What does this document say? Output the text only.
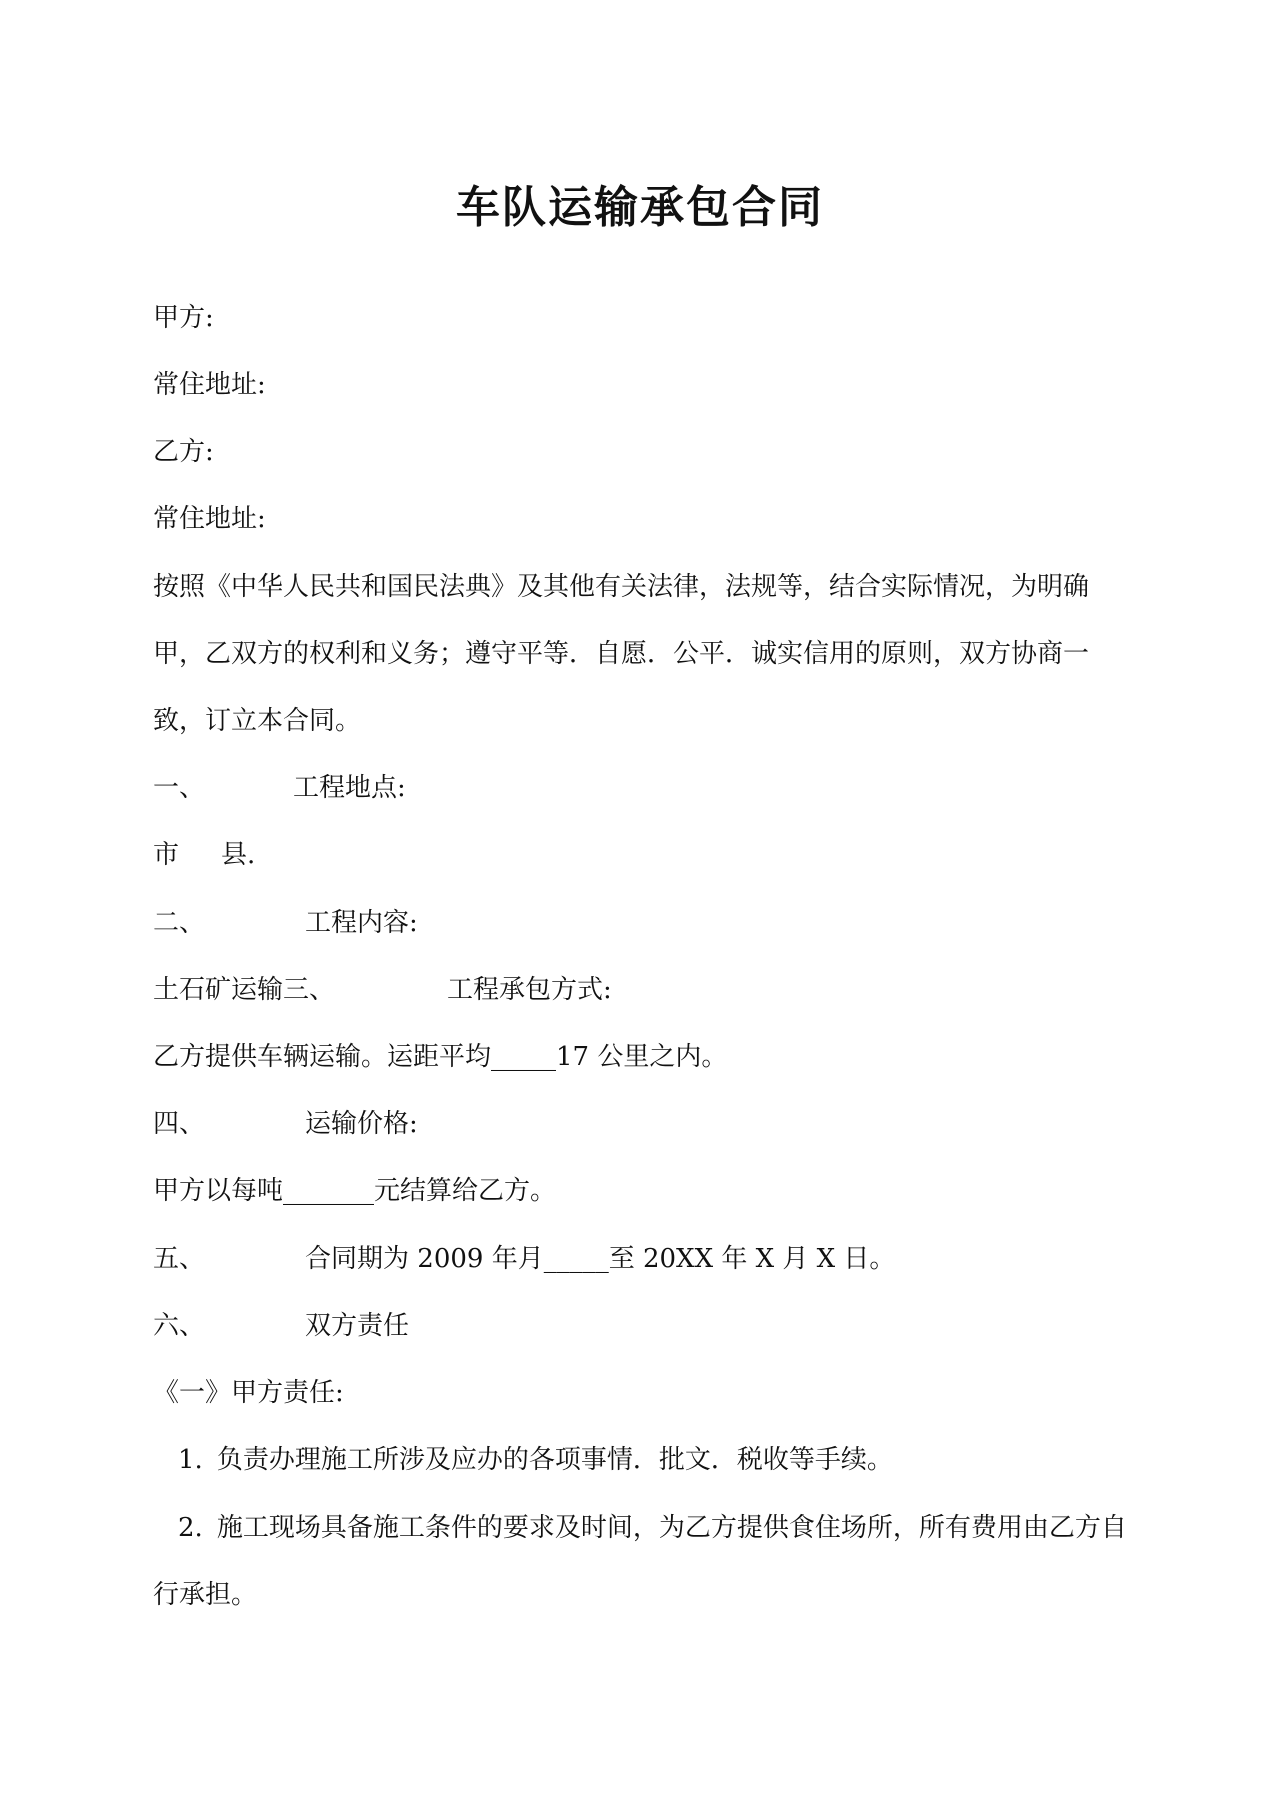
车队运输承包合同
甲方:
常住地址:
乙方:
常住地址:
按照《中华人民共和国民法典》及其他有关法律，法规等，结合实际情况，为明确
甲，乙双方的权利和义务；遵守平等．自愿．公平．诚实信用的原则，双方协商一
致，订立本合同。
一、	工程地点:
市 县.
二、	工程内容:
土石矿运输三、	工程承包方式:
乙方提供车辆运输。运距平均_____17 公里之内。
四、	运输价格:
甲方以每吨_______元结算给乙方。
五、	合同期为 2009 年月_____至 20XX 年 X 月 X 日。
六、	双方责任
《一》甲方责任:
1. 负责办理施工所涉及应办的各项事情．批文．税收等手续。
2. 施工现场具备施工条件的要求及时间，为乙方提供食住场所，所有费用由乙方自
行承担。
